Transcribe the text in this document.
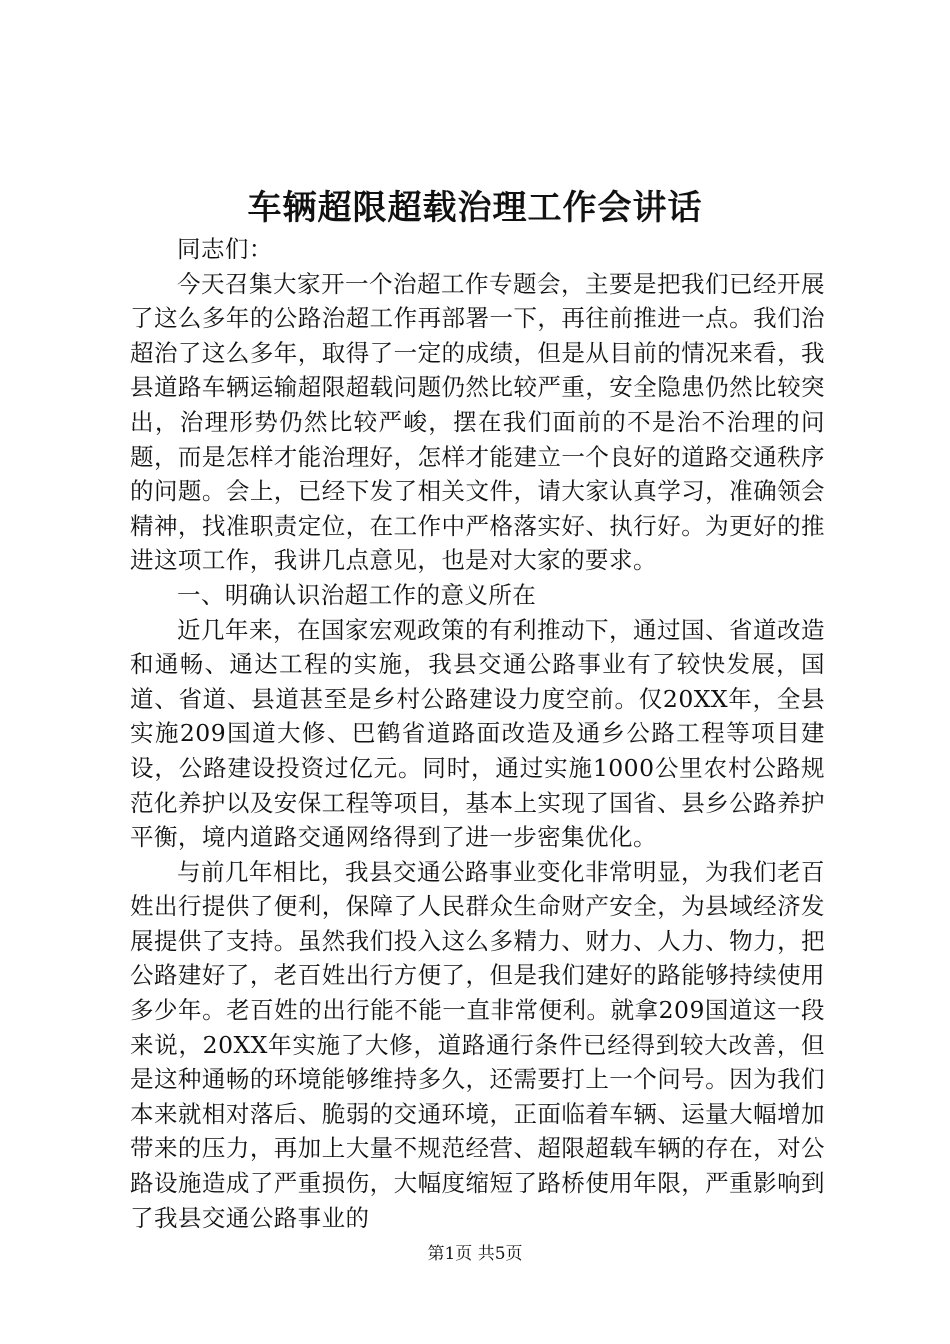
车辆超限超载治理工作会讲话

同志们：

今天召集大家开一个治超工作专题会，主要是把我们已经开展了这么多年的公路治超工作再部署一下，再往前推进一点。我们治超治了这么多年，取得了一定的成绩，但是从目前的情况来看，我县道路车辆运输超限超载问题仍然比较严重，安全隐患仍然比较突出，治理形势仍然比较严峻，摆在我们面前的不是治不治理的问题，而是怎样才能治理好，怎样才能建立一个良好的道路交通秩序的问题。会上，已经下发了相关文件，请大家认真学习，准确领会精神，找准职责定位，在工作中严格落实好、执行好。为更好的推进这项工作，我讲几点意见，也是对大家的要求。

一、明确认识治超工作的意义所在

近几年来，在国家宏观政策的有利推动下，通过国、省道改造和通畅、通达工程的实施，我县交通公路事业有了较快发展，国道、省道、县道甚至是乡村公路建设力度空前。仅20XX年，全县实施209国道大修、巴鹤省道路面改造及通乡公路工程等项目建设，公路建设投资过亿元。同时，通过实施1000公里农村公路规范化养护以及安保工程等项目，基本上实现了国省、县乡公路养护平衡，境内道路交通网络得到了进一步密集优化。

与前几年相比，我县交通公路事业变化非常明显，为我们老百姓出行提供了便利，保障了人民群众生命财产安全，为县域经济发展提供了支持。虽然我们投入这么多精力、财力、人力、物力，把公路建好了，老百姓出行方便了，但是我们建好的路能够持续使用多少年。老百姓的出行能不能一直非常便利。就拿209国道这一段来说，20XX年实施了大修，道路通行条件已经得到较大改善，但是这种通畅的环境能够维持多久，还需要打上一个问号。因为我们本来就相对落后、脆弱的交通环境，正面临着车辆、运量大幅增加带来的压力，再加上大量不规范经营、超限超载车辆的存在，对公路设施造成了严重损伤，大幅度缩短了路桥使用年限，严重影响到了我县交通公路事业的

第1页 共5页
